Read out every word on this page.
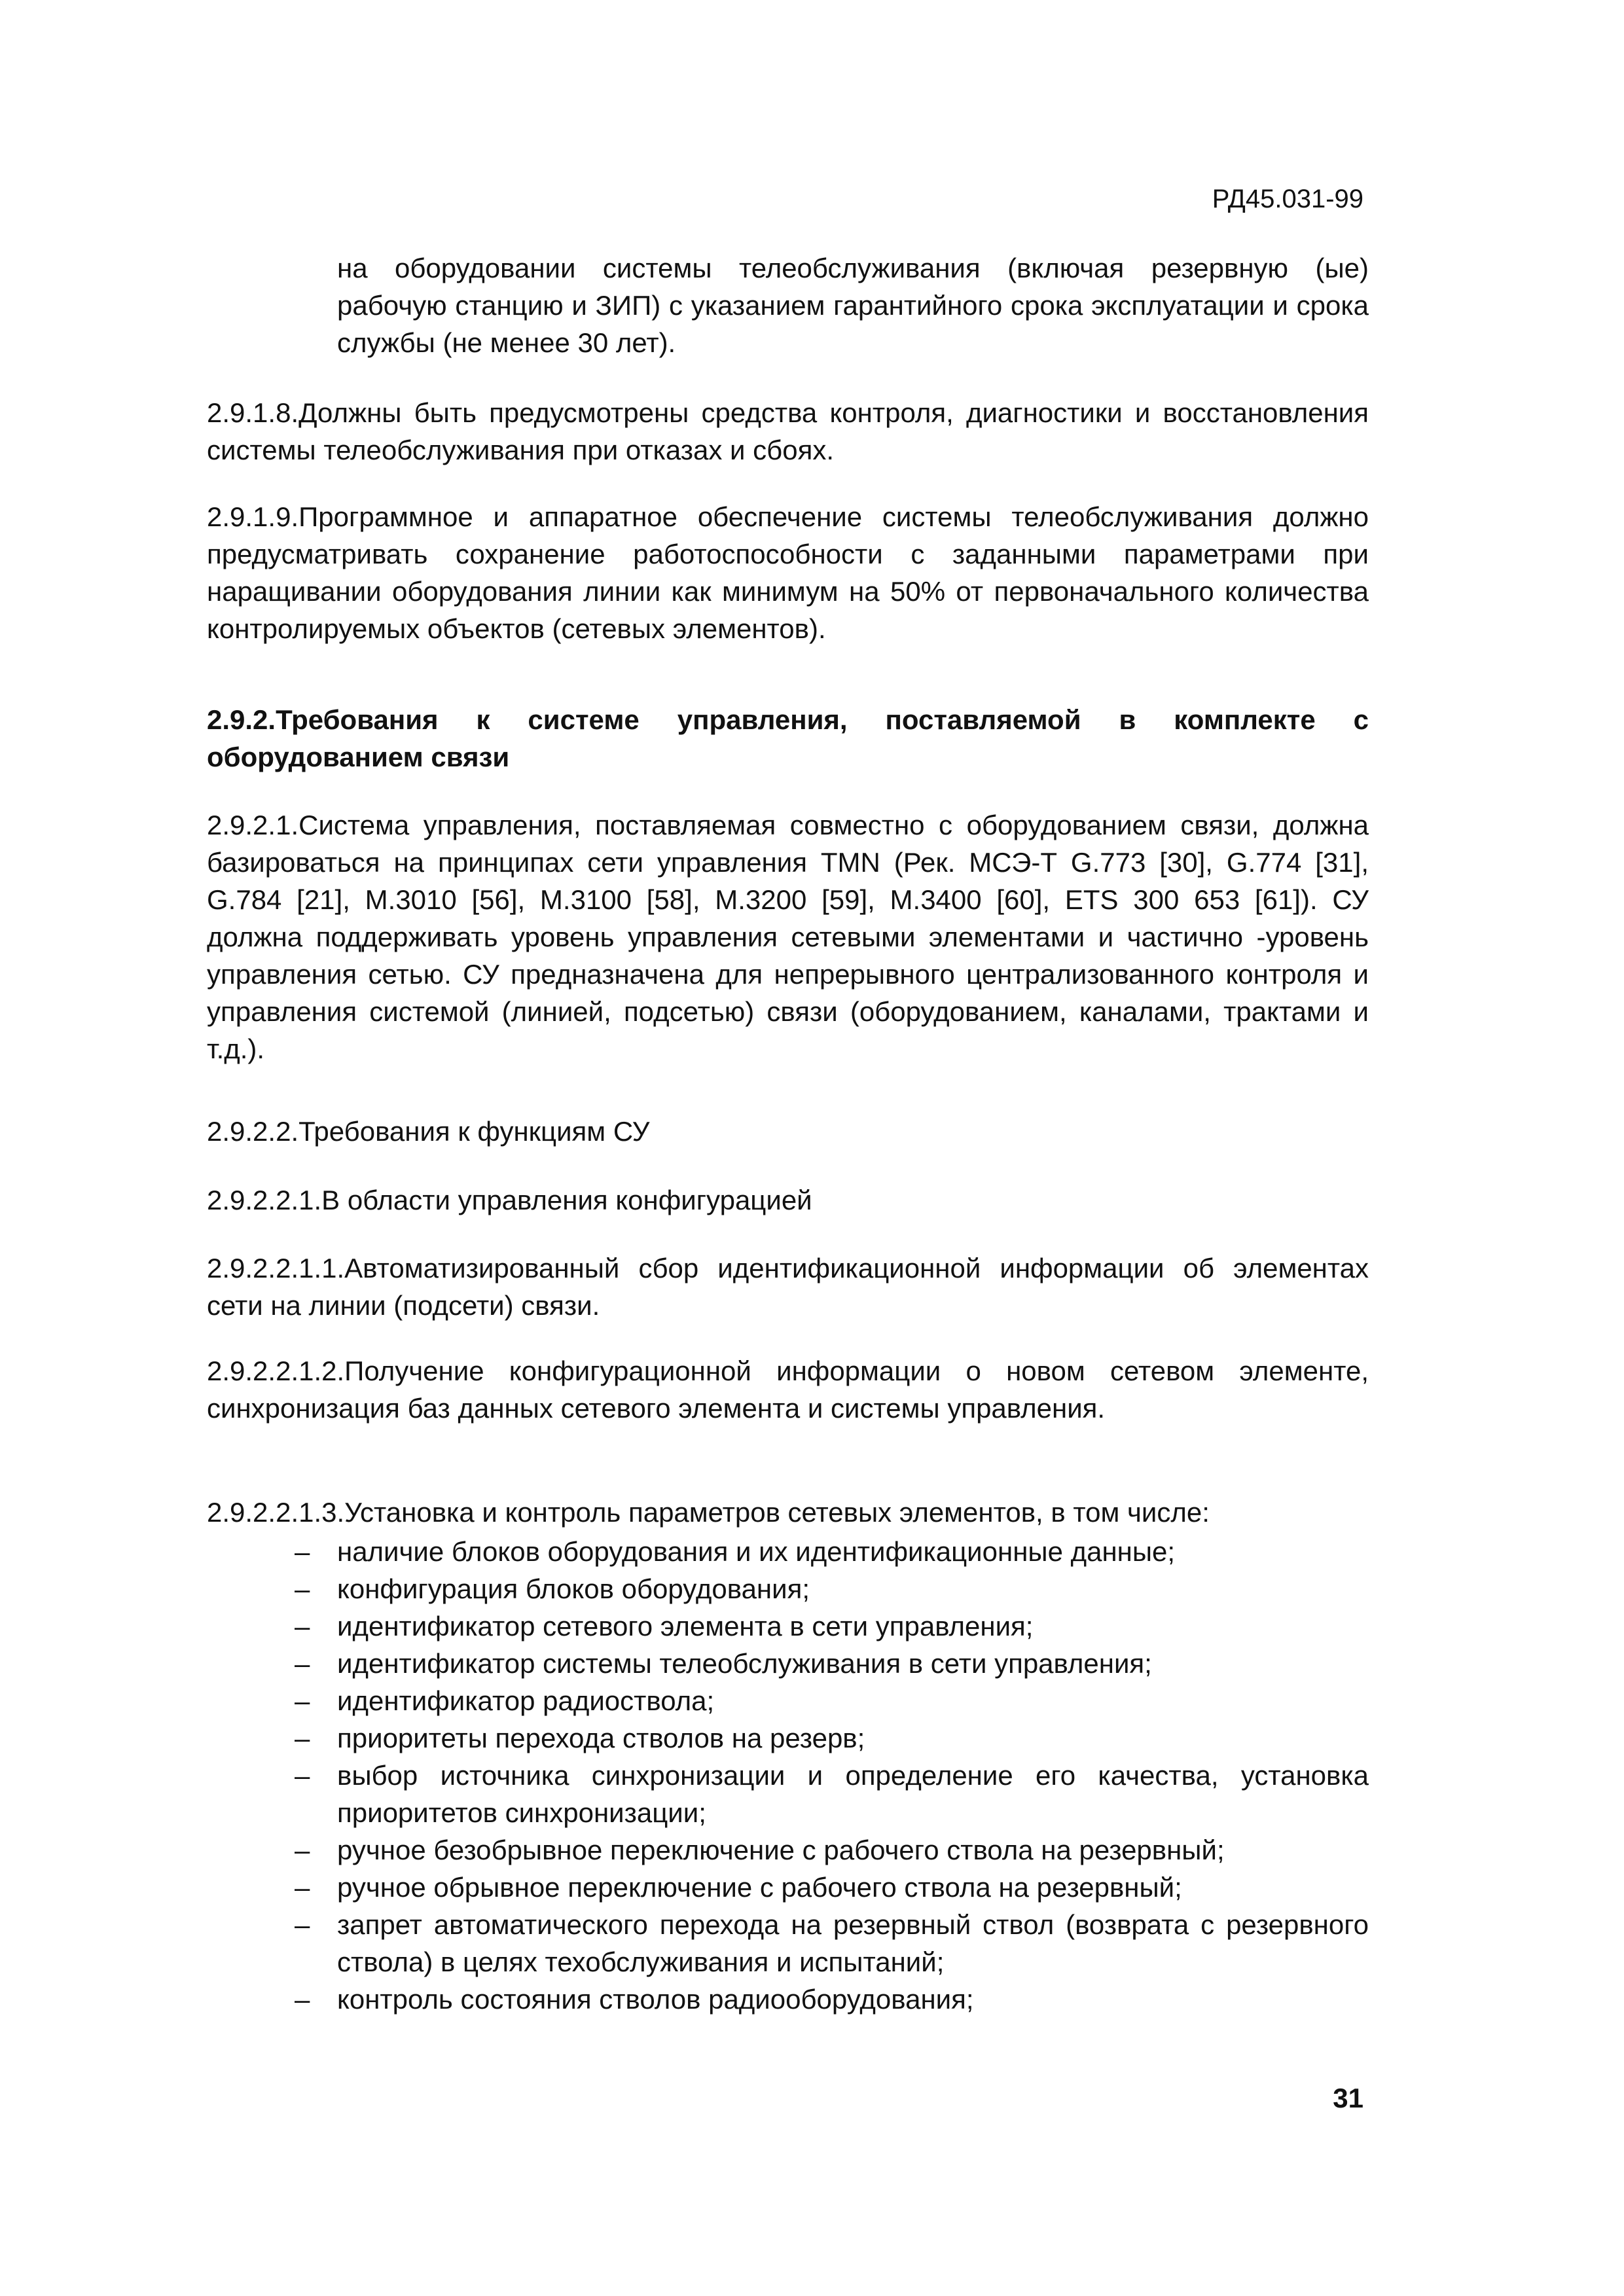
РД45.031-99

на оборудовании системы телеобслуживания (включая резервную (ые) рабочую станцию и ЗИП) с указанием гарантийного срока эксплуатации и срока службы (не менее 30 лет).

2.9.1.8.Должны быть предусмотрены средства контроля, диагностики и восстановления системы телеобслуживания при отказах и сбоях.

2.9.1.9.Программное и аппаратное обеспечение системы телеобслуживания должно предусматривать сохранение работоспособности с заданными параметрами при наращивании оборудования линии как минимум на 50% от первоначального количества контролируемых объектов (сетевых элементов).

2.9.2.Требования к системе управления, поставляемой в комплекте с оборудованием связи

2.9.2.1.Система управления, поставляемая совместно с оборудованием связи, должна базироваться на принципах сети управления TMN (Рек. МСЭ-Т G.773 [30], G.774 [31], G.784 [21], M.3010 [56], M.3100 [58], M.3200 [59], M.3400 [60], ETS 300 653 [61]). СУ должна поддерживать уровень управления сетевыми элементами и частично -уровень управления сетью. СУ предназначена для непрерывного централизованного контроля и управления системой (линией, подсетью) связи (оборудованием, каналами, трактами и т.д.).

2.9.2.2.Требования к функциям СУ

2.9.2.2.1.В области управления конфигурацией

2.9.2.2.1.1.Автоматизированный сбор идентификационной информации об элементах сети на линии (подсети) связи.

2.9.2.2.1.2.Получение конфигурационной информации о новом сетевом элементе, синхронизация баз данных сетевого элемента и системы управления.

2.9.2.2.1.3.Установка и контроль параметров сетевых элементов, в том числе:

– наличие блоков оборудования и их идентификационные данные;
– конфигурация блоков оборудования;
– идентификатор сетевого элемента в сети управления;
– идентификатор системы телеобслуживания в сети управления;
– идентификатор радиоствола;
– приоритеты перехода стволов на резерв;
– выбор источника синхронизации и определение его качества, установка приоритетов синхронизации;
– ручное безобрывное переключение с рабочего ствола на резервный;
– ручное обрывное переключение с рабочего ствола на резервный;
– запрет автоматического перехода на резервный ствол (возврата с резервного ствола) в целях техобслуживания и испытаний;
– контроль состояния стволов радиооборудования;
31
